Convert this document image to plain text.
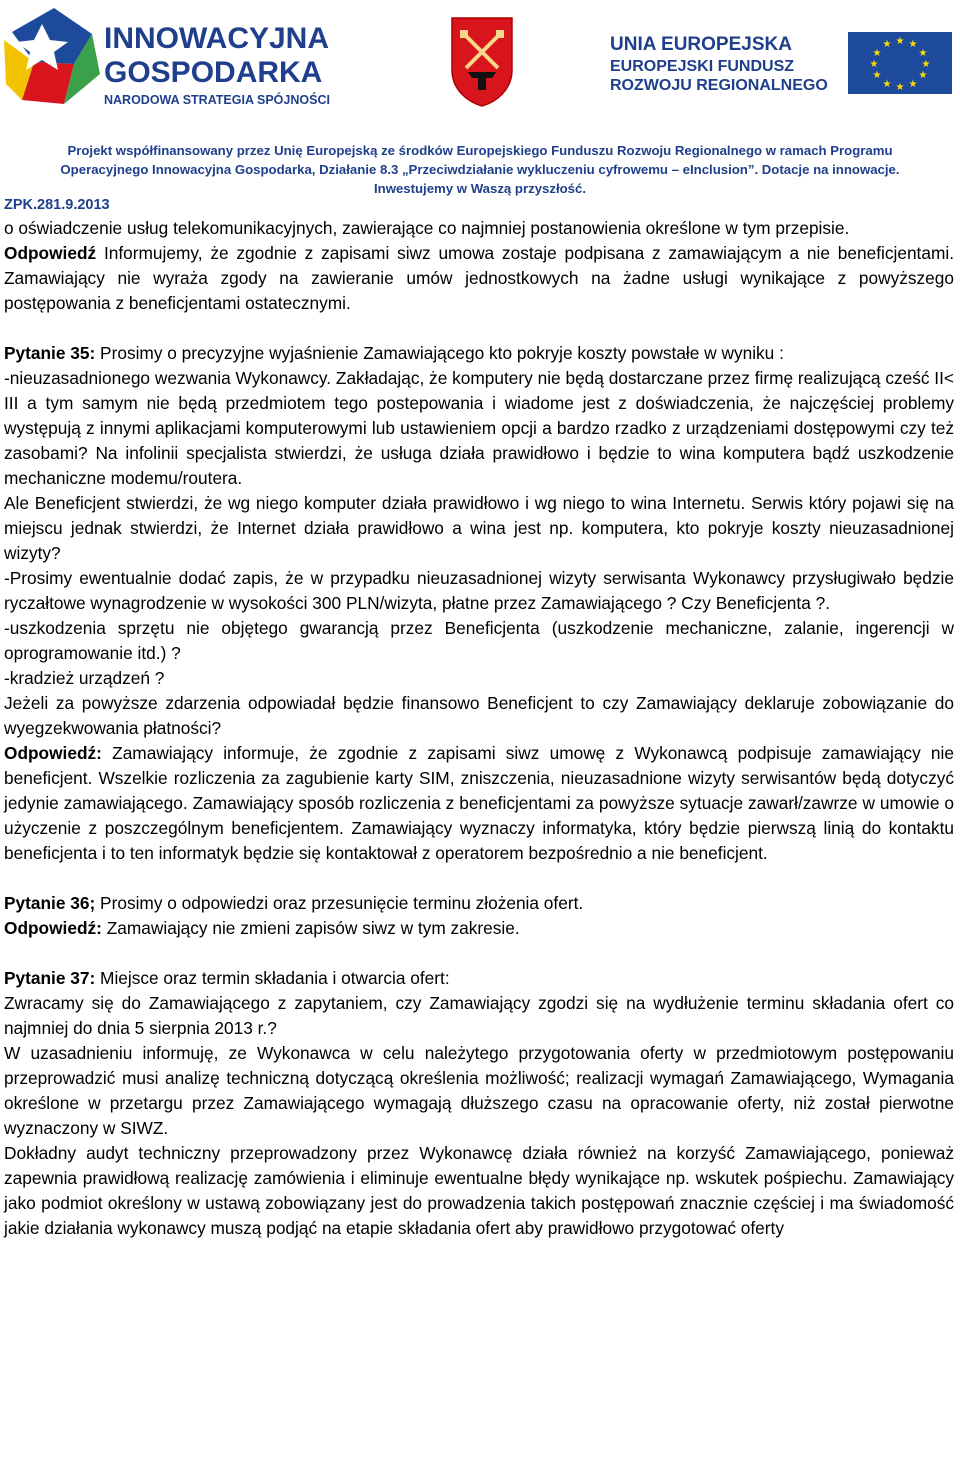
INNOWACYJNA
GOSPODARKA
NARODOWA STRATEGIA SPÓJNOŚCI
UNIA EUROPEJSKA
EUROPEJSKI FUNDUSZ
ROZWOJU REGIONALNEGO
★ ★
★
★
★
★
★
★
★
★
★
★
Projekt współfinansowany przez Unię Europejską ze środków Europejskiego Funduszu Rozwoju Regionalnego w ramach Programu
Operacyjnego Innowacyjna Gospodarka, Działanie 8.3 „Przeciwdziałanie wykluczeniu cyfrowemu – eInclusion”. Dotacje na innowacje.
Inwestujemy w Waszą przyszłość.
ZPK.281.9.2013

o oświadczenie usług telekomunikacyjnych, zawierające co najmniej postanowienia określone w tym przepisie.

Odpowiedź Informujemy, że zgodnie z zapisami siwz umowa zostaje podpisana z zamawiającym a nie beneficjentami. Zamawiający nie wyraża zgody na zawieranie umów jednostkowych na żadne usługi wynikające z powyższego postępowania z beneficjentami ostatecznymi.

Pytanie 35: Prosimy o precyzyjne wyjaśnienie Zamawiającego kto pokryje koszty powstałe w wyniku :

-nieuzasadnionego wezwania Wykonawcy. Zakładając, że komputery nie będą dostarczane przez firmę realizującą cześć II< III a tym samym nie będą przedmiotem tego postepowania i wiadome jest z doświadczenia, że najczęściej problemy występują z innymi aplikacjami komputerowymi lub ustawieniem opcji a bardzo rzadko z urządzeniami dostępowymi czy też zasobami? Na infolinii specjalista stwierdzi, że usługa działa prawidłowo i będzie to wina komputera bądź uszkodzenie mechaniczne modemu/routera.

Ale Beneficjent stwierdzi, że wg niego komputer działa prawidłowo i wg niego to wina Internetu. Serwis który pojawi się na miejscu jednak stwierdzi, że Internet działa prawidłowo a wina jest np. komputera, kto pokryje koszty nieuzasadnionej wizyty?

-Prosimy ewentualnie dodać zapis, że w przypadku nieuzasadnionej wizyty serwisanta Wykonawcy przysługiwało będzie ryczałtowe wynagrodzenie w wysokości 300 PLN/wizyta, płatne przez Zamawiającego ? Czy Beneficjenta ?.

-uszkodzenia sprzętu nie objętego gwarancją przez Beneficjenta (uszkodzenie mechaniczne, zalanie, ingerencji w oprogramowanie itd.) ?

-kradzież urządzeń ?

Jeżeli za powyższe zdarzenia odpowiadał będzie finansowo Beneficjent to czy Zamawiający deklaruje zobowiązanie do wyegzekwowania płatności?

Odpowiedź: Zamawiający informuje, że zgodnie z zapisami siwz umowę z Wykonawcą podpisuje zamawiający nie beneficjent. Wszelkie rozliczenia za zagubienie karty SIM, zniszczenia, nieuzasadnione wizyty serwisantów będą dotyczyć jedynie zamawiającego. Zamawiający sposób rozliczenia z beneficjentami za powyższe sytuacje zawarł/zawrze w umowie o użyczenie z poszczególnym beneficjentem. Zamawiający wyznaczy informatyka, który będzie pierwszą linią do kontaktu beneficjenta i to ten informatyk będzie się kontaktował z operatorem bezpośrednio a nie beneficjent.

Pytanie 36; Prosimy o odpowiedzi oraz przesunięcie terminu złożenia ofert.

Odpowiedź: Zamawiający nie zmieni zapisów siwz w tym zakresie.

Pytanie 37: Miejsce oraz termin składania i otwarcia ofert:

Zwracamy się do Zamawiającego z zapytaniem, czy Zamawiający zgodzi się na wydłużenie terminu składania ofert co najmniej do dnia 5 sierpnia 2013 r.?

W uzasadnieniu informuję, ze Wykonawca w celu należytego przygotowania oferty w przedmiotowym postępowaniu przeprowadzić musi analizę techniczną dotyczącą określenia możliwość; realizacji wymagań Zamawiającego, Wymagania określone w przetargu przez Zamawiającego wymagają dłuższego czasu na opracowanie oferty, niż został pierwotne wyznaczony w SIWZ.

Dokładny audyt techniczny przeprowadzony przez Wykonawcę działa również na korzyść Zamawiającego, ponieważ zapewnia prawidłową realizację zamówienia i eliminuje ewentualne błędy wynikające np. wskutek pośpiechu. Zamawiający jako podmiot określony w ustawą zobowiązany jest do prowadzenia takich postępowań znacznie częściej i ma świadomość jakie działania wykonawcy muszą podjąć na etapie składania ofert aby prawidłowo przygotować oferty
